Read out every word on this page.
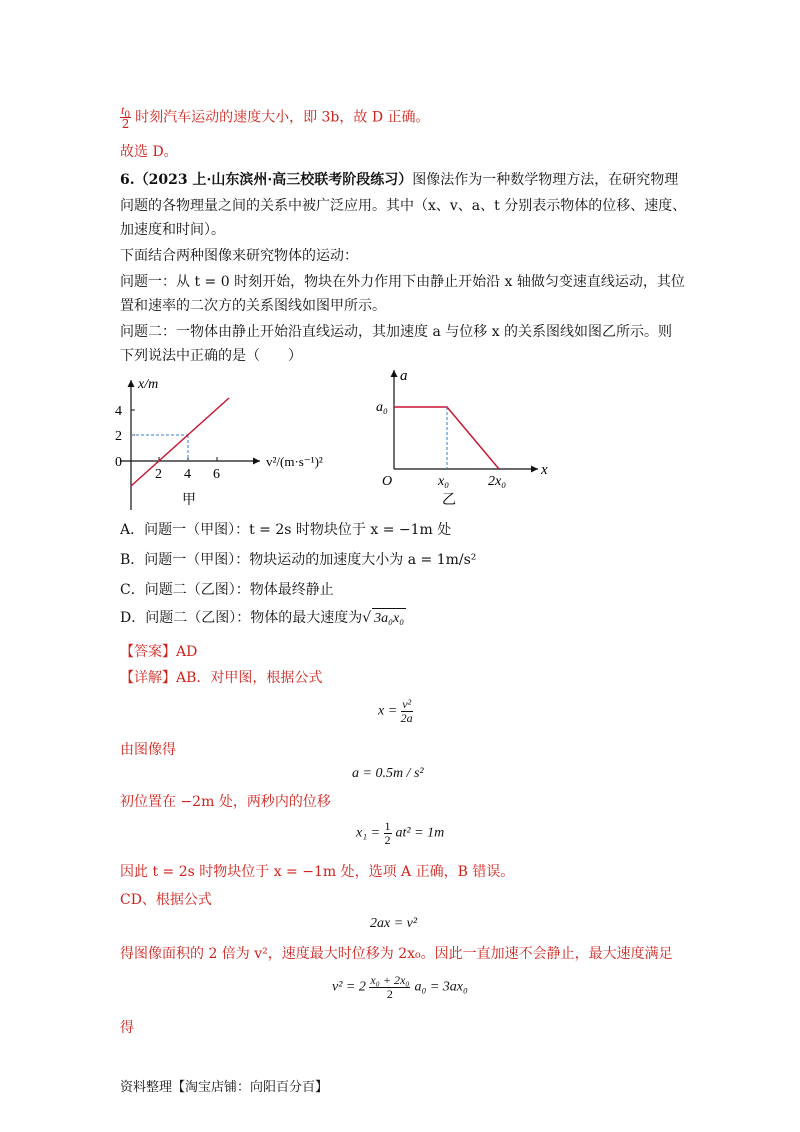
$\frac{t_0}{2}$ 时刻汽车运动的速度大小，即 3b，故 D 正确。
故选 D。
6.（2023 上·山东滨州·高三校联考阶段练习）图像法作为一种数学物理方法，在研究物理
问题的各物理量之间的关系中被广泛应用。其中（x、v、a、t 分别表示物体的位移、速度、
加速度和时间）。
下面结合两种图像来研究物体的运动：
问题一：从 t = 0 时刻开始，物块在外力作用下由静止开始沿 x 轴做匀变速直线运动，其位
置和速率的二次方的关系图线如图甲所示。
问题二：一物体由静止开始沿直线运动，其加速度 a 与位移 x 的关系图线如图乙所示。则
下列说法中正确的是（　　）
x/m
4
2
0
2 4 6
v²/(m·s⁻¹)²
甲
a
x
a₀
x₀	2x₀
O
乙
A．问题一（甲图）：t = 2s 时物块位于 x = −1m 处
B．问题一（甲图）：物块运动的加速度大小为 a = 1m/s²
C．问题二（乙图）：物体最终静止
D．问题二（乙图）：物体的最大速度为√ 3a₀x₀
【答案】AD
【详解】AB．对甲图，根据公式
$x = \frac{\text{v²}}{2a}$
由图像得
a = 0.5m / s²
初位置在 −2m 处，两秒内的位移
$x_1 = \frac{1}{2} at^2 = 1m$
因此 t = 2s 时物块位于 x = −1m 处，选项 A 正确，B 错误。
CD、根据公式
2ax = v²
得图像面积的 2 倍为 v²，速度最大时位移为 2x₀。因此一直加速不会静止，最大速度满足
$v^2 = 2 \frac{\text{x₀ + 2x₀}}{2} a_0 = 3ax_0$
得
资料整理【淘宝店铺：向阳百分百】
